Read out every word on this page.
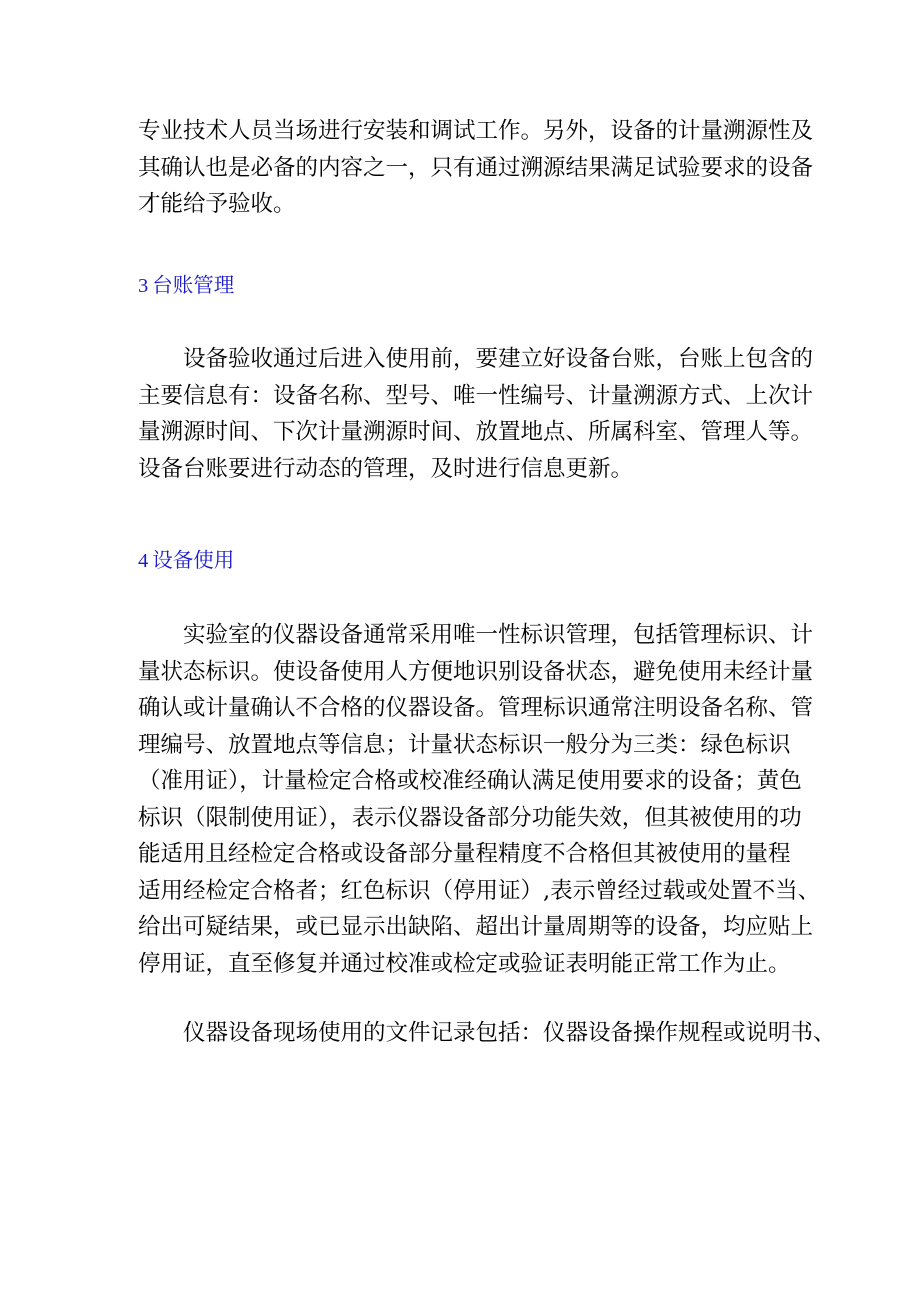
专业技术人员当场进行安装和调试工作。另外，设备的计量溯源性及
其确认也是必备的内容之一，只有通过溯源结果满足试验要求的设备
才能给予验收。
3 台账管理
　　设备验收通过后进入使用前，要建立好设备台账，台账上包含的
主要信息有：设备名称、型号、唯一性编号、计量溯源方式、上次计
量溯源时间、下次计量溯源时间、放置地点、所属科室、管理人等。
设备台账要进行动态的管理，及时进行信息更新。
4 设备使用
　　实验室的仪器设备通常采用唯一性标识管理，包括管理标识、计
量状态标识。使设备使用人方便地识别设备状态，避免使用未经计量
确认或计量确认不合格的仪器设备。管理标识通常注明设备名称、管
理编号、放置地点等信息；计量状态标识一般分为三类：绿色标识
（准用证），计量检定合格或校准经确认满足使用要求的设备；黄色
标识（限制使用证），表示仪器设备部分功能失效，但其被使用的功
能适用且经检定合格或设备部分量程精度不合格但其被使用的量程
适用经检定合格者；红色标识（停用证）,表示曾经过载或处置不当、
给出可疑结果，或已显示出缺陷、超出计量周期等的设备，均应贴上
停用证，直至修复并通过校准或检定或验证表明能正常工作为止。
　　仪器设备现场使用的文件记录包括：仪器设备操作规程或说明书、
